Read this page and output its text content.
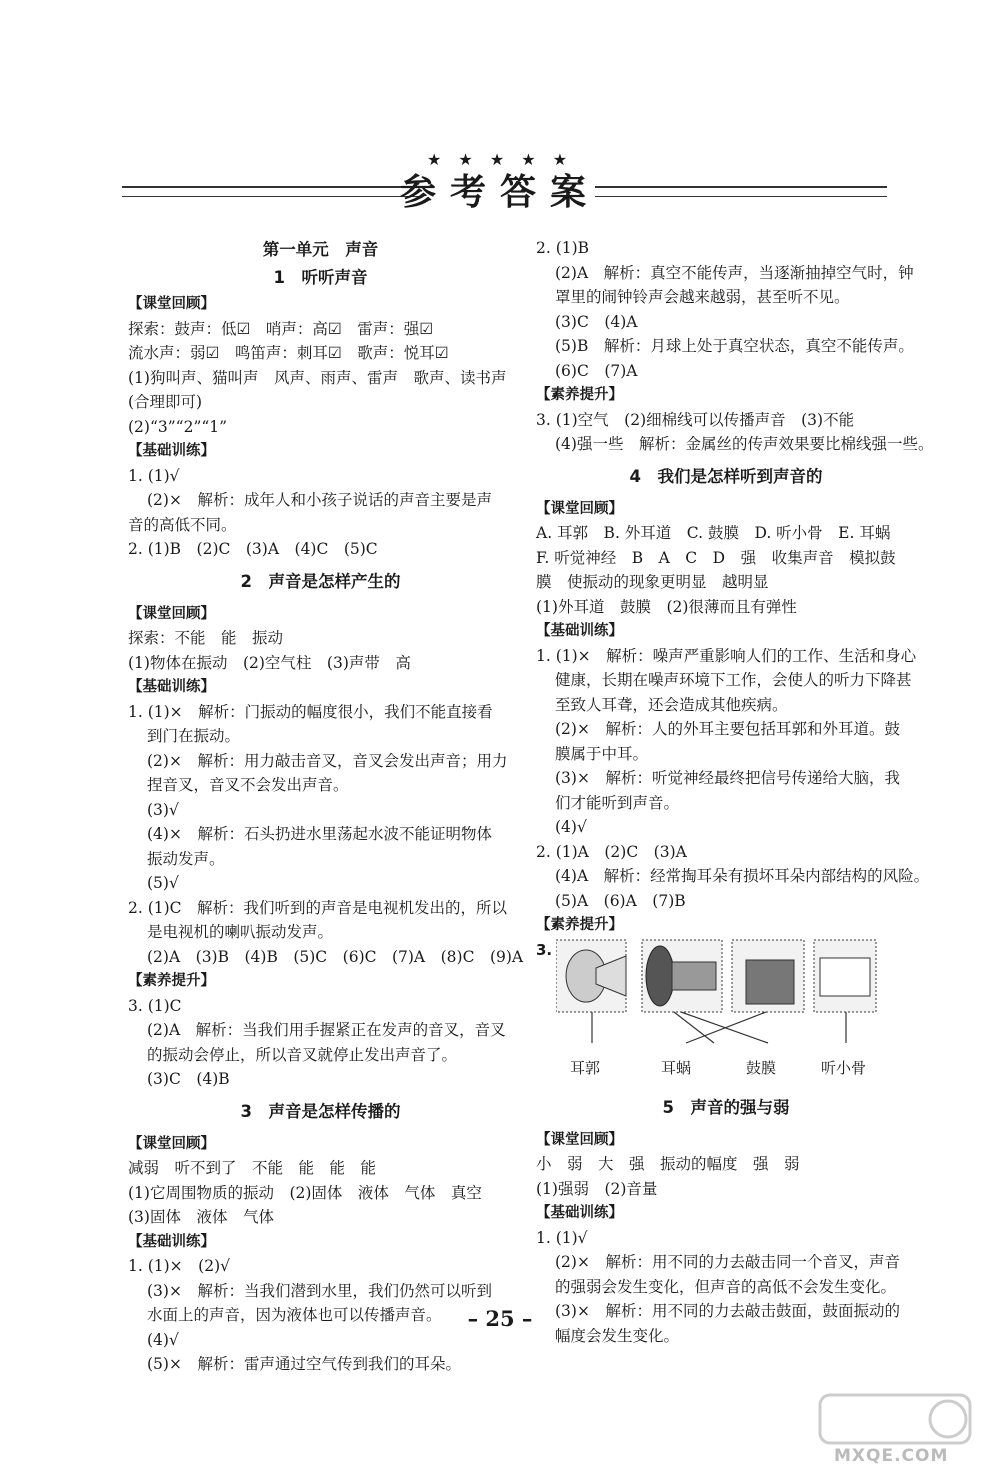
★ ★ ★ ★ ★
参考答案
第一单元　声音
1　听听声音
【课堂回顾】
探索：鼓声：低☑　哨声：高☑　雷声：强☑
流水声：弱☑　鸣笛声：刺耳☑　歌声：悦耳☑
(1)狗叫声、猫叫声　风声、雨声、雷声　歌声、读书声
(合理即可)
(2)“3”“2”“1”
【基础训练】
1. (1)√
(2)×　解析：成年人和小孩子说话的声音主要是声
音的高低不同。
2. (1)B　(2)C　(3)A　(4)C　(5)C
2　声音是怎样产生的
【课堂回顾】
探索：不能　能　振动
(1)物体在振动　(2)空气柱　(3)声带　高
【基础训练】
1. (1)×　解析：门振动的幅度很小，我们不能直接看
到门在振动。
(2)×　解析：用力敲击音叉，音叉会发出声音；用力
捏音叉，音叉不会发出声音。
(3)√
(4)×　解析：石头扔进水里荡起水波不能证明物体
振动发声。
(5)√
2. (1)C　解析：我们听到的声音是电视机发出的，所以
是电视机的喇叭振动发声。
(2)A　(3)B　(4)B　(5)C　(6)C　(7)A　(8)C　(9)A
【素养提升】
3. (1)C
(2)A　解析：当我们用手握紧正在发声的音叉，音叉
的振动会停止，所以音叉就停止发出声音了。
(3)C　(4)B
3　声音是怎样传播的
【课堂回顾】
减弱　听不到了　不能　能　能　能
(1)它周围物质的振动　(2)固体　液体　气体　真空
(3)固体　液体　气体
【基础训练】
1. (1)×　(2)√
(3)×　解析：当我们潜到水里，我们仍然可以听到
水面上的声音，因为液体也可以传播声音。
(4)√
(5)×　解析：雷声通过空气传到我们的耳朵。
2. (1)B
(2)A　解析：真空不能传声，当逐渐抽掉空气时，钟
罩里的闹钟铃声会越来越弱，甚至听不见。
(3)C　(4)A
(5)B　解析：月球上处于真空状态，真空不能传声。
(6)C　(7)A
【素养提升】
3. (1)空气　(2)细棉线可以传播声音　(3)不能
(4)强一些　解析：金属丝的传声效果要比棉线强一些。
4　我们是怎样听到声音的
【课堂回顾】
A. 耳郭　B. 外耳道　C. 鼓膜　D. 听小骨　E. 耳蜗
F. 听觉神经　B　A　C　D　强　收集声音　模拟鼓
膜　使振动的现象更明显　越明显
(1)外耳道　鼓膜　(2)很薄而且有弹性
【基础训练】
1. (1)×　解析：噪声严重影响人们的工作、生活和身心
健康，长期在噪声环境下工作，会使人的听力下降甚
至致人耳聋，还会造成其他疾病。
(2)×　解析：人的外耳主要包括耳郭和外耳道。鼓
膜属于中耳。
(3)×　解析：听觉神经最终把信号传递给大脑，我
们才能听到声音。
(4)√
2. (1)A　(2)C　(3)A
(4)A　解析：经常掏耳朵有损坏耳朵内部结构的风险。
(5)A　(6)A　(7)B
【素养提升】
3.
耳郭	耳蜗	鼓膜	听小骨
5　声音的强与弱
【课堂回顾】
小　弱　大　强　振动的幅度　强　弱
(1)强弱　(2)音量
【基础训练】
1. (1)√
(2)×　解析：用不同的力去敲击同一个音叉，声音
的强弱会发生变化，但声音的高低不会发生变化。
(3)×　解析：用不同的力去敲击鼓面，鼓面振动的
幅度会发生变化。
– 25 –
MXQE.COM
